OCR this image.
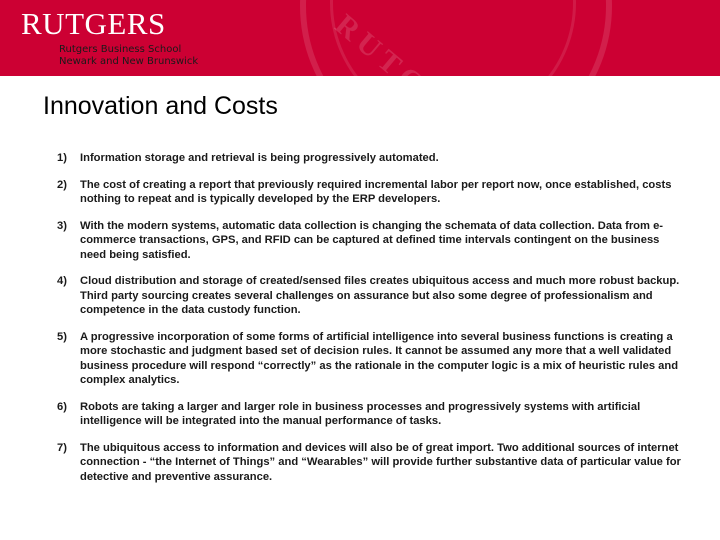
RUTGERS
RUTGERS
Rutgers Business School
Newark and New Brunswick
Innovation and Costs
1)	Information storage and retrieval is being progressively automated.
2)	The cost of creating a report that previously required incremental labor per report now, once established, costs nothing to repeat and is typically developed by the ERP developers.
3)	With the modern systems, automatic data collection is changing the schemata of data collection. Data from e-commerce transactions, GPS, and RFID can be captured at defined time intervals contingent on the business need being satisfied.
4)	Cloud distribution and storage of created/sensed files creates ubiquitous access and much more robust backup. Third party sourcing creates several challenges on assurance but also some degree of professionalism and competence in the data custody function.
5)	A progressive incorporation of some forms of artificial intelligence into several business functions is creating a more stochastic and judgment based set of decision rules. It cannot be assumed any more that a well validated business procedure will respond “correctly” as the rationale in the computer logic is a mix of heuristic rules and complex analytics.
6)	Robots are taking a larger and larger role in business processes and progressively systems with artificial intelligence will be integrated into the manual performance of tasks.
7)	The ubiquitous access to information and devices will also be of great import. Two additional sources of internet connection - “the Internet of Things” and “Wearables” will provide further substantive data of particular value for detective and preventive assurance.
